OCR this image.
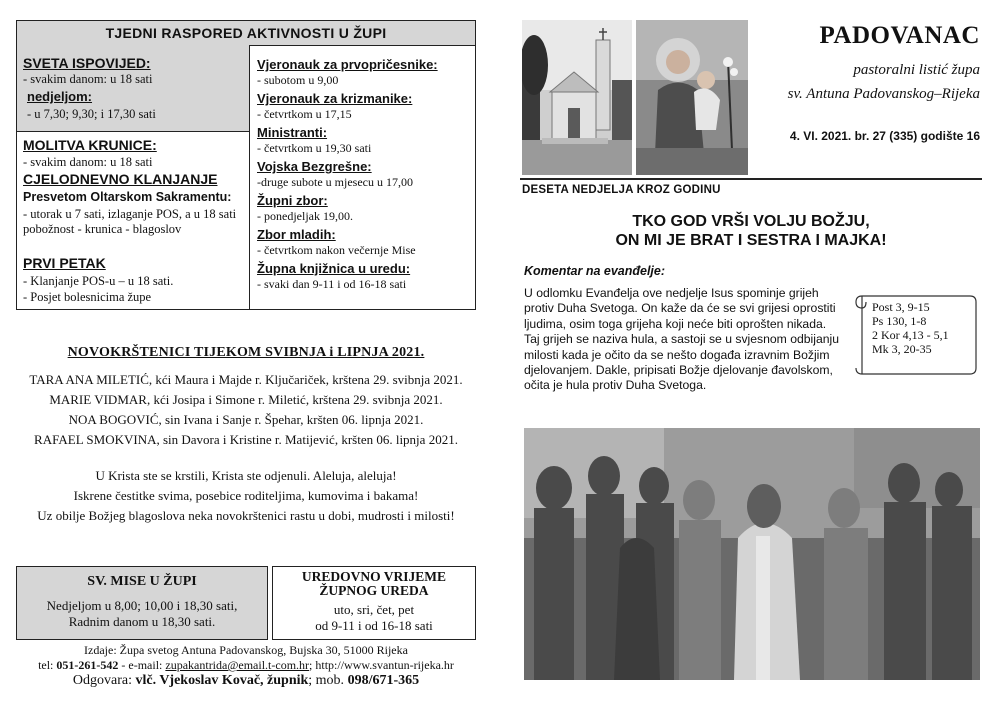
TJEDNI RASPORED AKTIVNOSTI U ŽUPI
SVETA ISPOVIJED:
- svakim danom: u 18 sati
nedjeljom:
- u 7,30; 9,30; i 17,30 sati
MOLITVA KRUNICE:
- svakim danom: u 18 sati
CJELODNEVNO KLANJANJE
Presvetom Oltarskom Sakramentu:
- utorak u 7 sati, izlaganje POS, a u 18 sati pobožnost - krunica - blagoslov
PRVI PETAK
- Klanjanje POS-u – u 18 sati.
- Posjet bolesnicima župe
Vjeronauk za prvopričesnike:
- subotom u 9,00
Vjeronauk za krizmanike:
- četvrtkom u 17,15
Ministranti:
- četvrtkom u 19,30 sati
Vojska Bezgrešne:
-druge subote u mjesecu u 17,00
Župni zbor:
- ponedjeljak 19,00.
Zbor mladih:
- četvrtkom nakon večernje Mise
Župna knjižnica u uredu:
- svaki dan 9-11 i od 16-18 sati
NOVOKRŠTENICI TIJEKOM SVIBNJA i LIPNJA 2021.
TARA ANA MILETIĆ, kći Maura i Majde r. Ključariček, krštena 29. svibnja 2021.
MARIE VIDMAR, kći Josipa i Simone r. Miletić, krštena 29. svibnja 2021.
NOA BOGOVIĆ, sin Ivana i Sanje r. Špehar, kršten 06. lipnja 2021.
RAFAEL SMOKVINA, sin Davora i Kristine r. Matijević, kršten 06. lipnja 2021.
U Krista ste se krstili, Krista ste odjenuli. Aleluja, aleluja!
Iskrene čestitke svima, posebice roditeljima, kumovima i bakama!
Uz obilje Božjeg blagoslova neka novokrštenici rastu u dobi, mudrosti i milosti!
SV. MISE U ŽUPI
Nedjeljom u 8,00; 10,00 i 18,30 sati,
Radnim danom u 18,30 sati.
UREDOVNO VRIJEME
ŽUPNOG UREDA
uto, sri, čet, pet
od 9-11 i od 16-18 sati
Izdaje: Župa svetog Antuna Padovanskog, Bujska 30, 51000 Rijeka
tel: 051-261-542 - e-mail: zupakantrida@email.t-com.hr; http://www.svantun-rijeka.hr
Odgovara: vlč. Vjekoslav Kovač, župnik; mob. 098/671-365
PADOVANAC
pastoralni listić župa
sv. Antuna Padovanskog–Rijeka
4. VI. 2021. br. 27 (335) godište 16
DESETA NEDJELJA KROZ GODINU
TKO GOD VRŠI VOLJU BOŽJU,
ON MI JE BRAT I SESTRA I MAJKA!
Komentar na evanđelje:
U odlomku Evanđelja ove nedjelje Isus spominje grijeh protiv Duha Svetoga. On kaže da će se svi grijesi oprostiti ljudima, osim toga grijeha koji neće biti oprošten nikada. Taj grijeh se naziva hula, a sastoji se u svjesnom odbijanju milosti kada je očito da se nešto događa izravnim Božjim djelovanjem. Dakle, pripisati Božje djelovanje đavolskom, očita je hula protiv Duha Svetoga.
Post 3, 9-15
Ps 130, 1-8
2 Kor 4,13 - 5,1
Mk 3, 20-35
